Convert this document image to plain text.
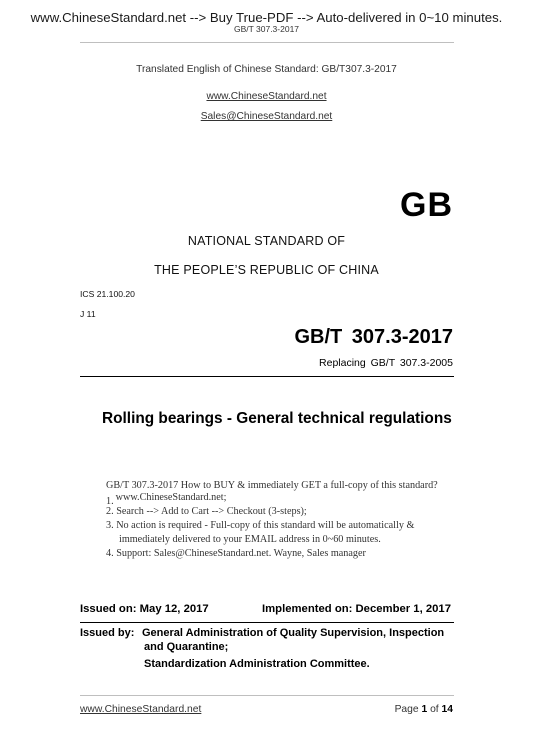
www.ChineseStandard.net --> Buy True-PDF --> Auto-delivered in 0~10 minutes.
GB/T 307.3-2017
Translated English of Chinese Standard: GB/T307.3-2017
www.ChineseStandard.net
Sales@ChineseStandard.net
GB
NATIONAL STANDARD OF
THE PEOPLE’S REPUBLIC OF CHINA
ICS 21.100.20
J 11
GB/T 307.3-2017
Replacing GB/T 307.3-2005
Rolling bearings - General technical regulations
GB/T 307.3-2017 How to BUY & immediately GET a full-copy of this standard?
1. www.ChineseStandard.net;
2. Search --> Add to Cart --> Checkout (3-steps);
3. No action is required - Full-copy of this standard will be automatically &
immediately delivered to your EMAIL address in 0~60 minutes.
4. Support: Sales@ChineseStandard.net. Wayne, Sales manager
Issued on: May 12, 2017	Implemented on: December 1, 2017
Issued by: General Administration of Quality Supervision, Inspection
and Quarantine;
Standardization Administration Committee.
www.ChineseStandard.net	Page 1 of 14
